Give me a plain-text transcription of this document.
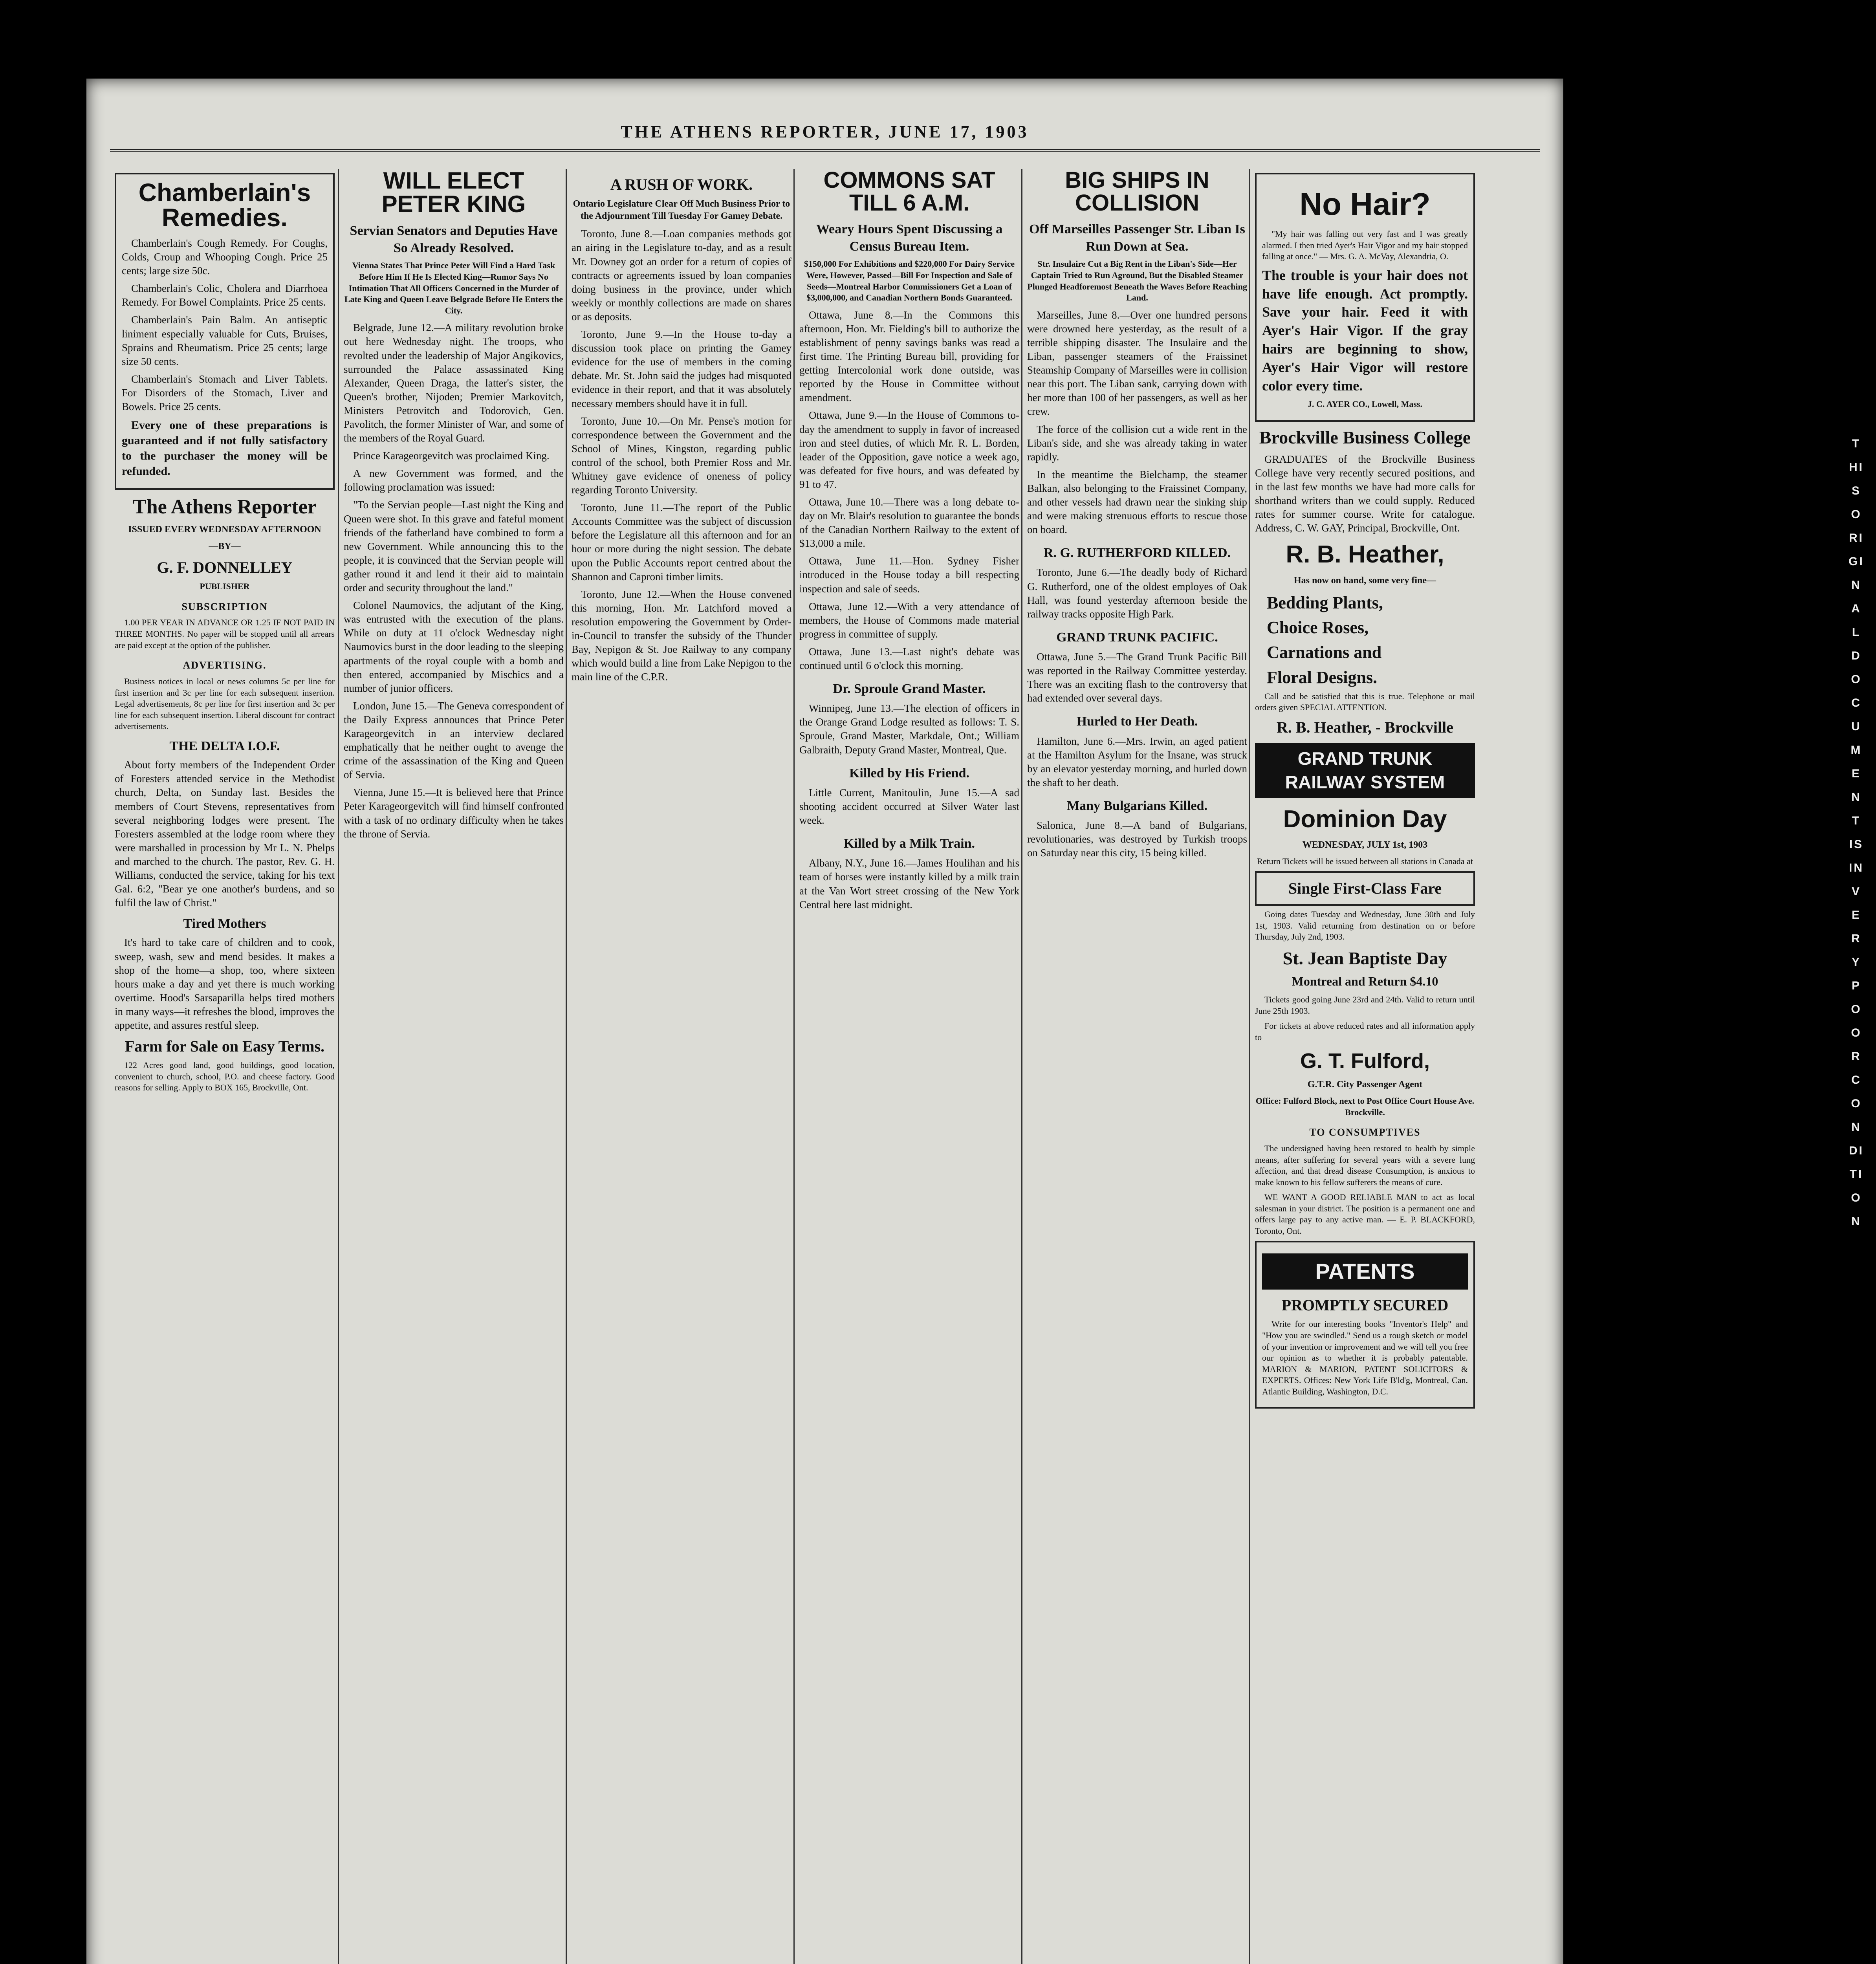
THE ATHENS REPORTER, JUNE 17, 1903
Chamberlain's Remedies.

Chamberlain's Cough Remedy. For Coughs, Colds, Croup and Whooping Cough. Price 25 cents; large size 50c.

Chamberlain's Colic, Cholera and Diarrhoea Remedy. For Bowel Complaints. Price 25 cents.

Chamberlain's Pain Balm. An antiseptic liniment especially valuable for Cuts, Bruises, Sprains and Rheumatism. Price 25 cents; large size 50 cents.

Chamberlain's Stomach and Liver Tablets. For Disorders of the Stomach, Liver and Bowels. Price 25 cents.

Every one of these preparations is guaranteed and if not fully satisfactory to the purchaser the money will be refunded.

The Athens Reporter
ISSUED EVERY WEDNESDAY AFTERNOON
—BY—
G. F. DONNELLEY
PUBLISHER
SUBSCRIPTION

1.00 PER YEAR IN ADVANCE OR 1.25 IF NOT PAID IN THREE MONTHS. No paper will be stopped until all arrears are paid except at the option of the publisher.

ADVERTISING.

Business notices in local or news columns 5c per line for first insertion and 3c per line for each subsequent insertion. Legal advertisements, 8c per line for first insertion and 3c per line for each subsequent insertion. Liberal discount for contract advertisements.

THE DELTA I.O.F.

About forty members of the Independent Order of Foresters attended service in the Methodist church, Delta, on Sunday last. Besides the members of Court Stevens, representatives from several neighboring lodges were present. The Foresters assembled at the lodge room where they were marshalled in procession by Mr L. N. Phelps and marched to the church. The pastor, Rev. G. H. Williams, conducted the service, taking for his text Gal. 6:2, "Bear ye one another's burdens, and so fulfil the law of Christ."

Tired Mothers

It's hard to take care of children and to cook, sweep, wash, sew and mend besides. It makes a shop of the home—a shop, too, where sixteen hours make a day and yet there is much working overtime. Hood's Sarsaparilla helps tired mothers in many ways—it refreshes the blood, improves the appetite, and assures restful sleep.

Farm for Sale on Easy Terms.

122 Acres good land, good buildings, good location, convenient to church, school, P.O. and cheese factory. Good reasons for selling. Apply to BOX 165, Brockville, Ont.

WILL ELECT PETER KING
Servian Senators and Deputies Have So Already Resolved.
Vienna States That Prince Peter Will Find a Hard Task Before Him If He Is Elected King—Rumor Says No Intimation That All Officers Concerned in the Murder of Late King and Queen Leave Belgrade Before He Enters the City.

Belgrade, June 12.—A military revolution broke out here Wednesday night. The troops, who revolted under the leadership of Major Angikovics, surrounded the Palace assassinated King Alexander, Queen Draga, the latter's sister, the Queen's brother, Nijoden; Premier Markovitch, Ministers Petrovitch and Todorovich, Gen. Pavolitch, the former Minister of War, and some of the members of the Royal Guard.

Prince Karageorgevitch was proclaimed King.

A new Government was formed, and the following proclamation was issued:

"To the Servian people—Last night the King and Queen were shot. In this grave and fateful moment friends of the fatherland have combined to form a new Government. While announcing this to the people, it is convinced that the Servian people will gather round it and lend it their aid to maintain order and security throughout the land."

Colonel Naumovics, the adjutant of the King, was entrusted with the execution of the plans. While on duty at 11 o'clock Wednesday night Naumovics burst in the door leading to the sleeping apartments of the royal couple with a bomb and then entered, accompanied by Mischics and a number of junior officers.

London, June 15.—The Geneva correspondent of the Daily Express announces that Prince Peter Karageorgevitch in an interview declared emphatically that he neither ought to avenge the crime of the assassination of the King and Queen of Servia.

Vienna, June 15.—It is believed here that Prince Peter Karageorgevitch will find himself confronted with a task of no ordinary difficulty when he takes the throne of Servia.

A RUSH OF WORK.
Ontario Legislature Clear Off Much Business Prior to the Adjournment Till Tuesday For Gamey Debate.

Toronto, June 8.—Loan companies methods got an airing in the Legislature to-day, and as a result Mr. Downey got an order for a return of copies of contracts or agreements issued by loan companies doing business in the province, under which weekly or monthly collections are made on shares or as deposits.

Toronto, June 9.—In the House to-day a discussion took place on printing the Gamey evidence for the use of members in the coming debate. Mr. St. John said the judges had misquoted evidence in their report, and that it was absolutely necessary members should have it in full.

Toronto, June 10.—On Mr. Pense's motion for correspondence between the Government and the School of Mines, Kingston, regarding public control of the school, both Premier Ross and Mr. Whitney gave evidence of oneness of policy regarding Toronto University.

Toronto, June 11.—The report of the Public Accounts Committee was the subject of discussion before the Legislature all this afternoon and for an hour or more during the night session. The debate upon the Public Accounts report centred about the Shannon and Caproni timber limits.

Toronto, June 12.—When the House convened this morning, Hon. Mr. Latchford moved a resolution empowering the Government by Order-in-Council to transfer the subsidy of the Thunder Bay, Nepigon & St. Joe Railway to any company which would build a line from Lake Nepigon to the main line of the C.P.R.

COMMONS SAT TILL 6 A.M.
Weary Hours Spent Discussing a Census Bureau Item.
$150,000 For Exhibitions and $220,000 For Dairy Service Were, However, Passed—Bill For Inspection and Sale of Seeds—Montreal Harbor Commissioners Get a Loan of $3,000,000, and Canadian Northern Bonds Guaranteed.

Ottawa, June 8.—In the Commons this afternoon, Hon. Mr. Fielding's bill to authorize the establishment of penny savings banks was read a first time. The Printing Bureau bill, providing for getting Intercolonial work done outside, was reported by the House in Committee without amendment.

Ottawa, June 9.—In the House of Commons to-day the amendment to supply in favor of increased iron and steel duties, of which Mr. R. L. Borden, leader of the Opposition, gave notice a week ago, was defeated for five hours, and was defeated by 91 to 47.

Ottawa, June 10.—There was a long debate to-day on Mr. Blair's resolution to guarantee the bonds of the Canadian Northern Railway to the extent of $13,000 a mile.

Ottawa, June 11.—Hon. Sydney Fisher introduced in the House today a bill respecting inspection and sale of seeds.

Ottawa, June 12.—With a very attendance of members, the House of Commons made material progress in committee of supply.

Ottawa, June 13.—Last night's debate was continued until 6 o'clock this morning.

Dr. Sproule Grand Master.

Winnipeg, June 13.—The election of officers in the Orange Grand Lodge resulted as follows: T. S. Sproule, Grand Master, Markdale, Ont.; William Galbraith, Deputy Grand Master, Montreal, Que.

Killed by His Friend.

Little Current, Manitoulin, June 15.—A sad shooting accident occurred at Silver Water last week.

Killed by a Milk Train.

Albany, N.Y., June 16.—James Houlihan and his team of horses were instantly killed by a milk train at the Van Wort street crossing of the New York Central here last midnight.

BIG SHIPS IN COLLISION
Off Marseilles Passenger Str. Liban Is Run Down at Sea.
Str. Insulaire Cut a Big Rent in the Liban's Side—Her Captain Tried to Run Aground, But the Disabled Steamer Plunged Headforemost Beneath the Waves Before Reaching Land.

Marseilles, June 8.—Over one hundred persons were drowned here yesterday, as the result of a terrible shipping disaster. The Insulaire and the Liban, passenger steamers of the Fraissinet Steamship Company of Marseilles were in collision near this port. The Liban sank, carrying down with her more than 100 of her passengers, as well as her crew.

The force of the collision cut a wide rent in the Liban's side, and she was already taking in water rapidly.

In the meantime the Bielchamp, the steamer Balkan, also belonging to the Fraissinet Company, and other vessels had drawn near the sinking ship and were making strenuous efforts to rescue those on board.

R. G. RUTHERFORD KILLED.

Toronto, June 6.—The deadly body of Richard G. Rutherford, one of the oldest employes of Oak Hall, was found yesterday afternoon beside the railway tracks opposite High Park.

GRAND TRUNK PACIFIC.

Ottawa, June 5.—The Grand Trunk Pacific Bill was reported in the Railway Committee yesterday. There was an exciting flash to the controversy that had extended over several days.

Hurled to Her Death.

Hamilton, June 6.—Mrs. Irwin, an aged patient at the Hamilton Asylum for the Insane, was struck by an elevator yesterday morning, and hurled down the shaft to her death.

Many Bulgarians Killed.

Salonica, June 8.—A band of Bulgarians, revolutionaries, was destroyed by Turkish troops on Saturday near this city, 15 being killed.

No Hair?

"My hair was falling out very fast and I was greatly alarmed. I then tried Ayer's Hair Vigor and my hair stopped falling at once." — Mrs. G. A. McVay, Alexandria, O.

The trouble is your hair does not have life enough. Act promptly. Save your hair. Feed it with Ayer's Hair Vigor. If the gray hairs are beginning to show, Ayer's Hair Vigor will restore color every time.

J. C. AYER CO., Lowell, Mass.
Brockville Business College

GRADUATES of the Brockville Business College have very recently secured positions, and in the last few months we have had more calls for shorthand writers than we could supply. Reduced rates for summer course. Write for catalogue. Address, C. W. GAY, Principal, Brockville, Ont.

R. B. Heather,
Has now on hand, some very fine—
Bedding Plants,
Choice Roses,
Carnations and
Floral Designs.

Call and be satisfied that this is true. Telephone or mail orders given SPECIAL ATTENTION.

R. B. Heather, - Brockville
GRAND TRUNK RAILWAY SYSTEM
Dominion Day
WEDNESDAY, JULY 1st, 1903

Return Tickets will be issued between all stations in Canada at

Single First-Class Fare

Going dates Tuesday and Wednesday, June 30th and July 1st, 1903. Valid returning from destination on or before Thursday, July 2nd, 1903.

St. Jean Baptiste Day
Montreal and Return $4.10

Tickets good going June 23rd and 24th. Valid to return until June 25th 1903.

For tickets at above reduced rates and all information apply to

G. T. Fulford,
G.T.R. City Passenger Agent
Office: Fulford Block, next to Post Office Court House Ave. Brockville.
TO CONSUMPTIVES

The undersigned having been restored to health by simple means, after suffering for several years with a severe lung affection, and that dread disease Consumption, is anxious to make known to his fellow sufferers the means of cure.

WE WANT A GOOD RELIABLE MAN to act as local salesman in your district. The position is a permanent one and offers large pay to any active man. — E. P. BLACKFORD, Toronto, Ont.

PATENTS
PROMPTLY SECURED

Write for our interesting books "Inventor's Help" and "How you are swindled." Send us a rough sketch or model of your invention or improvement and we will tell you free our opinion as to whether it is probably patentable. MARION & MARION, PATENT SOLICITORS & EXPERTS. Offices: New York Life B'ld'g, Montreal, Can. Atlantic Building, Washington, D.C.

THIS ORIGINAL DOCUMENT IS IN VERY POOR CONDITION
